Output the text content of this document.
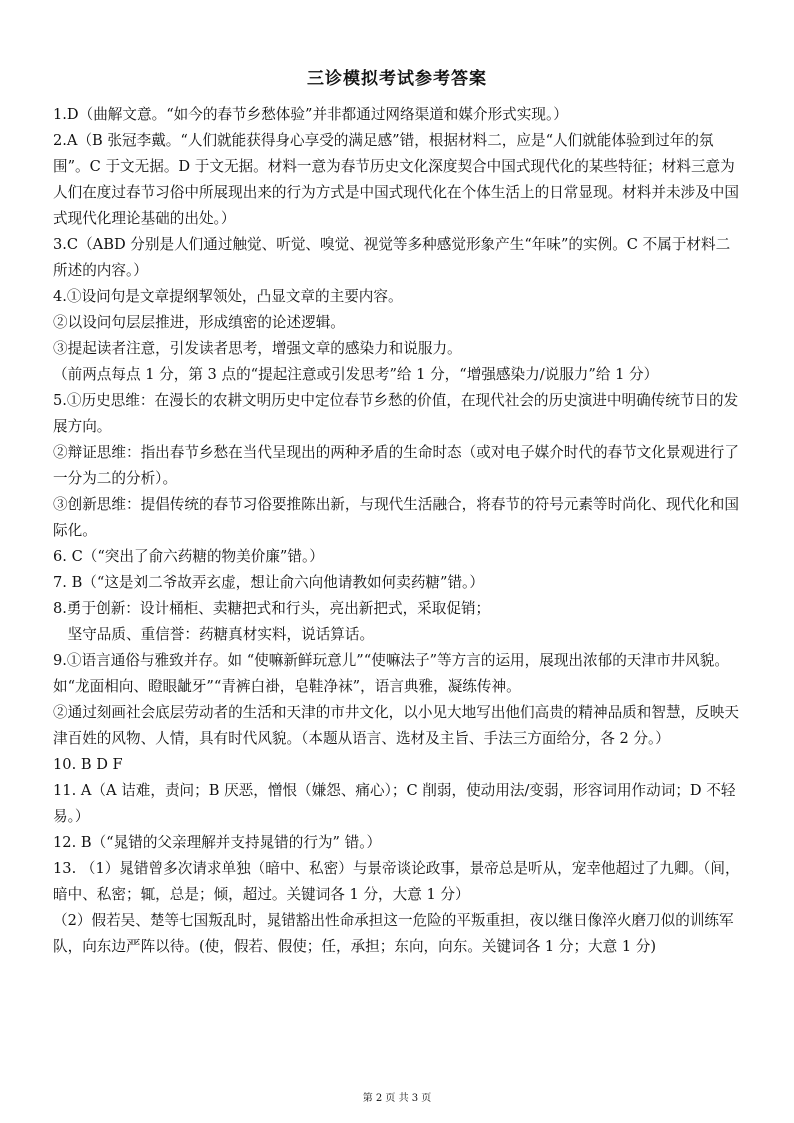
三诊模拟考试参考答案

1.D（曲解文意。“如今的春节乡愁体验”并非都通过网络渠道和媒介形式实现。）

2.A（B 张冠李戴。“人们就能获得身心享受的满足感”错，根据材料二，应是“人们就能体验到过年的氛围”。C 于文无据。D 于文无据。材料一意为春节历史文化深度契合中国式现代化的某些特征；材料三意为人们在度过春节习俗中所展现出来的行为方式是中国式现代化在个体生活上的日常显现。材料并未涉及中国式现代化理论基础的出处。）

3.C（ABD 分别是人们通过触觉、听觉、嗅觉、视觉等多种感觉形象产生“年味”的实例。C 不属于材料二所述的内容。）

4.①设问句是文章提纲挈领处，凸显文章的主要内容。

②以设问句层层推进，形成缜密的论述逻辑。

③提起读者注意，引发读者思考，增强文章的感染力和说服力。

（前两点每点 1 分，第 3 点的“提起注意或引发思考”给 1 分，“增强感染力/说服力”给 1 分）

5.①历史思维：在漫长的农耕文明历史中定位春节乡愁的价值，在现代社会的历史演进中明确传统节日的发展方向。

②辩证思维：指出春节乡愁在当代呈现出的两种矛盾的生命时态（或对电子媒介时代的春节文化景观进行了一分为二的分析）。

③创新思维：提倡传统的春节习俗要推陈出新，与现代生活融合，将春节的符号元素等时尚化、现代化和国际化。

6. C（“突出了俞六药糖的物美价廉”错。）

7. B（“这是刘二爷故弄玄虚，想让俞六向他请教如何卖药糖”错。）

8.勇于创新：设计桶柜、卖糖把式和行头，亮出新把式，采取促销；

　坚守品质、重信誉：药糖真材实料，说话算话。

9.①语言通俗与雅致并存。如 “使嘛新鲜玩意儿”“使嘛法子”等方言的运用，展现出浓郁的天津市井风貌。如“龙面相向、瞪眼龇牙”“青裤白褂，皂鞋净袜”，语言典雅，凝练传神。

②通过刻画社会底层劳动者的生活和天津的市井文化，以小见大地写出他们高贵的精神品质和智慧，反映天津百姓的风物、人情，具有时代风貌。（本题从语言、选材及主旨、手法三方面给分，各 2 分。）

10. B D F

11. A（A 诘难，责问；B 厌恶，憎恨（嫌怨、痛心）；C 削弱，使动用法/变弱，形容词用作动词；D 不轻易。）

12. B（“晁错的父亲理解并支持晁错的行为” 错。）

13. （1）晁错曾多次请求单独（暗中、私密）与景帝谈论政事，景帝总是听从，宠幸他超过了九卿。（间，暗中、私密；辄，总是；倾，超过。关键词各 1 分，大意 1 分）

（2）假若吴、楚等七国叛乱时，晁错豁出性命承担这一危险的平叛重担，夜以继日像淬火磨刀似的训练军队，向东边严阵以待。(使，假若、假使；任，承担；东向，向东。关键词各 1 分；大意 1 分)

第 2 页 共 3 页
